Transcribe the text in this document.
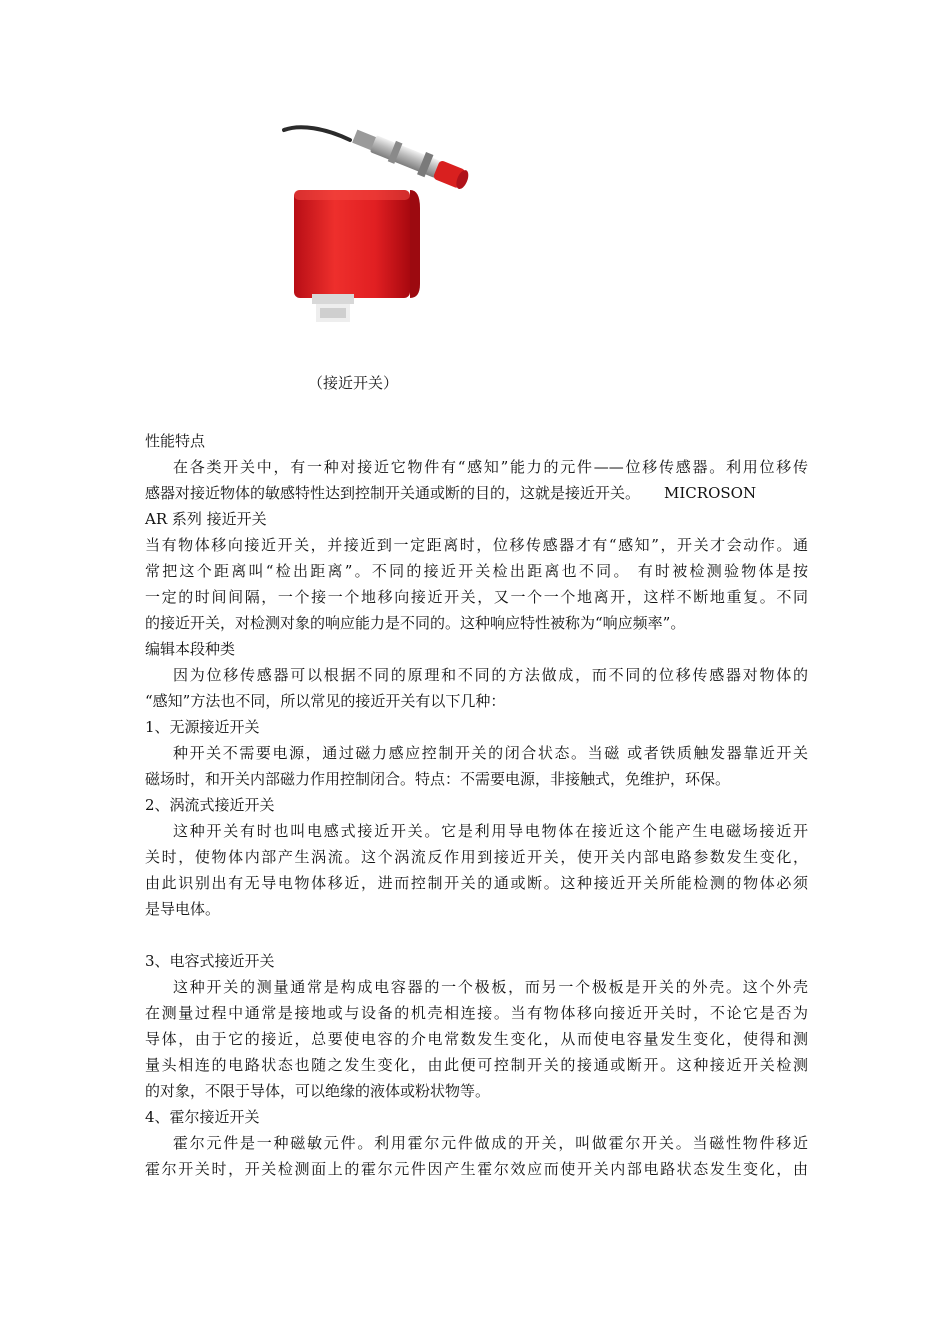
（接近开关）
性能特点
在各类开关中，有一种对接近它物件有“感知”能力的元件——位移传感器。利用位移传
感器对接近物体的敏感特性达到控制开关通或断的目的，这就是接近开关。 MICROSON
AR 系列 接近开关
当有物体移向接近开关，并接近到一定距离时，位移传感器才有“感知”，开关才会动作。通
常把这个距离叫“检出距离”。不同的接近开关检出距离也不同。 有时被检测验物体是按
一定的时间间隔，一个接一个地移向接近开关，又一个一个地离开，这样不断地重复。不同
的接近开关，对检测对象的响应能力是不同的。这种响应特性被称为“响应频率”。
编辑本段种类
因为位移传感器可以根据不同的原理和不同的方法做成，而不同的位移传感器对物体的
“感知”方法也不同，所以常见的接近开关有以下几种：
1、无源接近开关
种开关不需要电源，通过磁力感应控制开关的闭合状态。当磁 或者铁质触发器靠近开关
磁场时，和开关内部磁力作用控制闭合。特点：不需要电源，非接触式，免维护，环保。
2、涡流式接近开关
这种开关有时也叫电感式接近开关。它是利用导电物体在接近这个能产生电磁场接近开
关时，使物体内部产生涡流。这个涡流反作用到接近开关，使开关内部电路参数发生变化，
由此识别出有无导电物体移近，进而控制开关的通或断。这种接近开关所能检测的物体必须
是导电体。
3、电容式接近开关
这种开关的测量通常是构成电容器的一个极板，而另一个极板是开关的外壳。这个外壳
在测量过程中通常是接地或与设备的机壳相连接。当有物体移向接近开关时，不论它是否为
导体，由于它的接近，总要使电容的介电常数发生变化，从而使电容量发生变化，使得和测
量头相连的电路状态也随之发生变化，由此便可控制开关的接通或断开。这种接近开关检测
的对象，不限于导体，可以绝缘的液体或粉状物等。
4、霍尔接近开关
霍尔元件是一种磁敏元件。利用霍尔元件做成的开关，叫做霍尔开关。当磁性物件移近
霍尔开关时，开关检测面上的霍尔元件因产生霍尔效应而使开关内部电路状态发生变化，由
